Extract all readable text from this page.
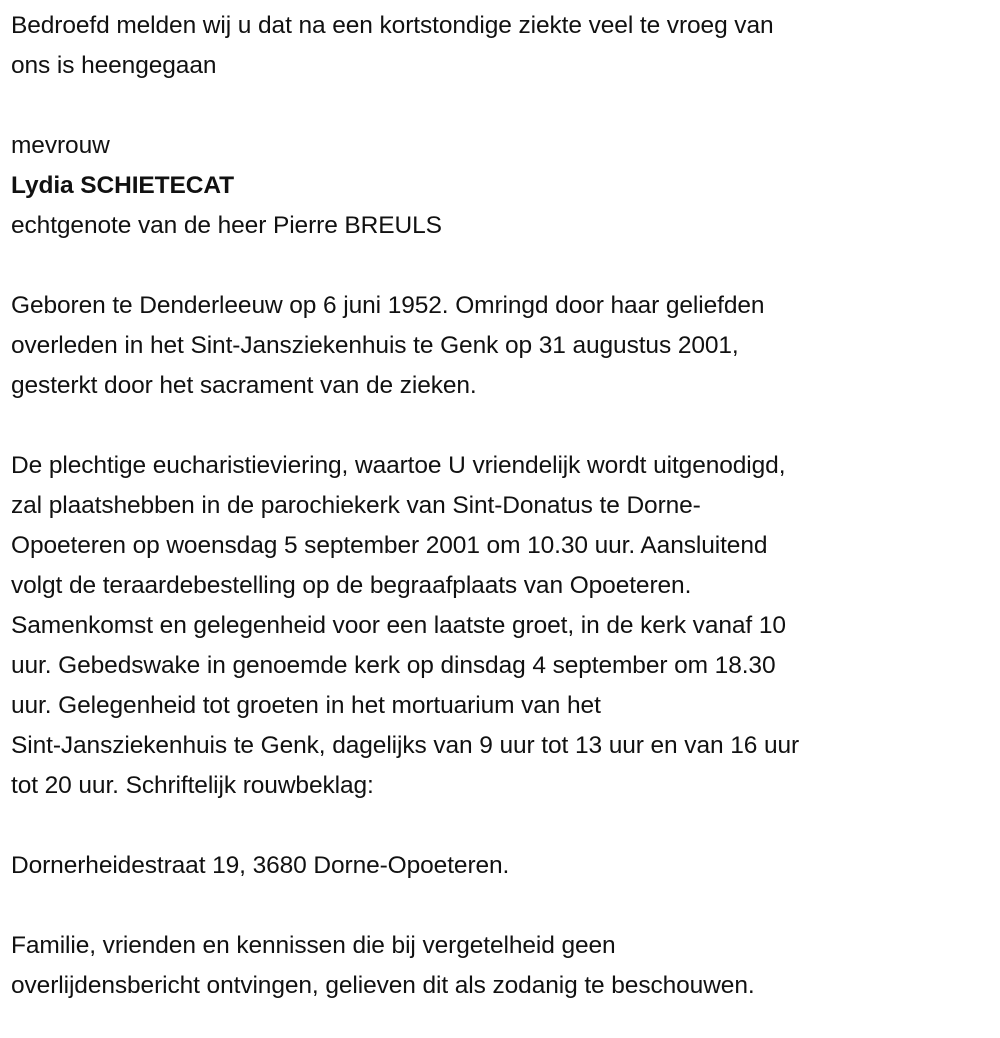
Bedroefd melden wij u dat na een kortstondige ziekte veel te vroeg van
ons is heengegaan

mevrouw
Lydia SCHIETECAT
echtgenote van de heer Pierre BREULS

Geboren te Denderleeuw op 6 juni 1952. Omringd door haar geliefden
overleden in het Sint-Jansziekenhuis te Genk op 31 augustus 2001,
gesterkt door het sacrament van de zieken.

De plechtige eucharistieviering, waartoe U vriendelijk wordt uitgenodigd,
zal plaatshebben in de parochiekerk van Sint-Donatus te Dorne-
Opoeteren op woensdag 5 september 2001 om 10.30 uur. Aansluitend
volgt de teraardebestelling op de begraafplaats van Opoeteren.
Samenkomst en gelegenheid voor een laatste groet, in de kerk vanaf 10
uur. Gebedswake in genoemde kerk op dinsdag 4 september om 18.30
uur. Gelegenheid tot groeten in het mortuarium van het
Sint-Jansziekenhuis te Genk, dagelijks van 9 uur tot 13 uur en van 16 uur
tot 20 uur. Schriftelijk rouwbeklag:

Dornerheidestraat 19, 3680 Dorne-Opoeteren.

Familie, vrienden en kennissen die bij vergetelheid geen
overlijdensbericht ontvingen, gelieven dit als zodanig te beschouwen.
